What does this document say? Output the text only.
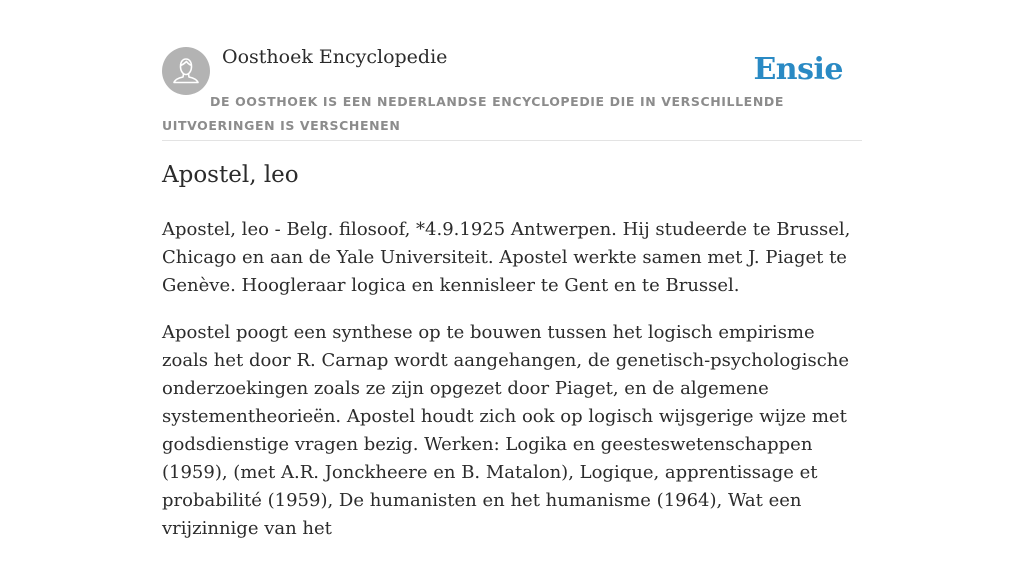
Oosthoek Encyclopedie	Ensie
DE OOSTHOEK IS EEN NEDERLANDSE ENCYCLOPEDIE DIE IN VERSCHILLENDE UITVOERINGEN IS VERSCHENEN
Apostel, leo

Apostel, leo - Belg. filosoof, *4.9.1925 Antwerpen. Hij studeerde te Brussel, Chicago en aan de Yale Universiteit. Apostel werkte samen met J. Piaget te Genève. Hoogleraar logica en kennisleer te Gent en te Brussel.

Apostel poogt een synthese op te bouwen tussen het logisch empirisme zoals het door R. Carnap wordt aangehangen, de genetisch-psychologische onderzoekingen zoals ze zijn opgezet door Piaget, en de algemene systementheorieën. Apostel houdt zich ook op logisch wijsgerige wijze met godsdienstige vragen bezig. Werken: Logika en geesteswetenschappen (1959), (met A.R. Jonckheere en B. Matalon), Logique, apprentissage et probabilité (1959), De humanisten en het humanisme (1964), Wat een vrijzinnige van het
